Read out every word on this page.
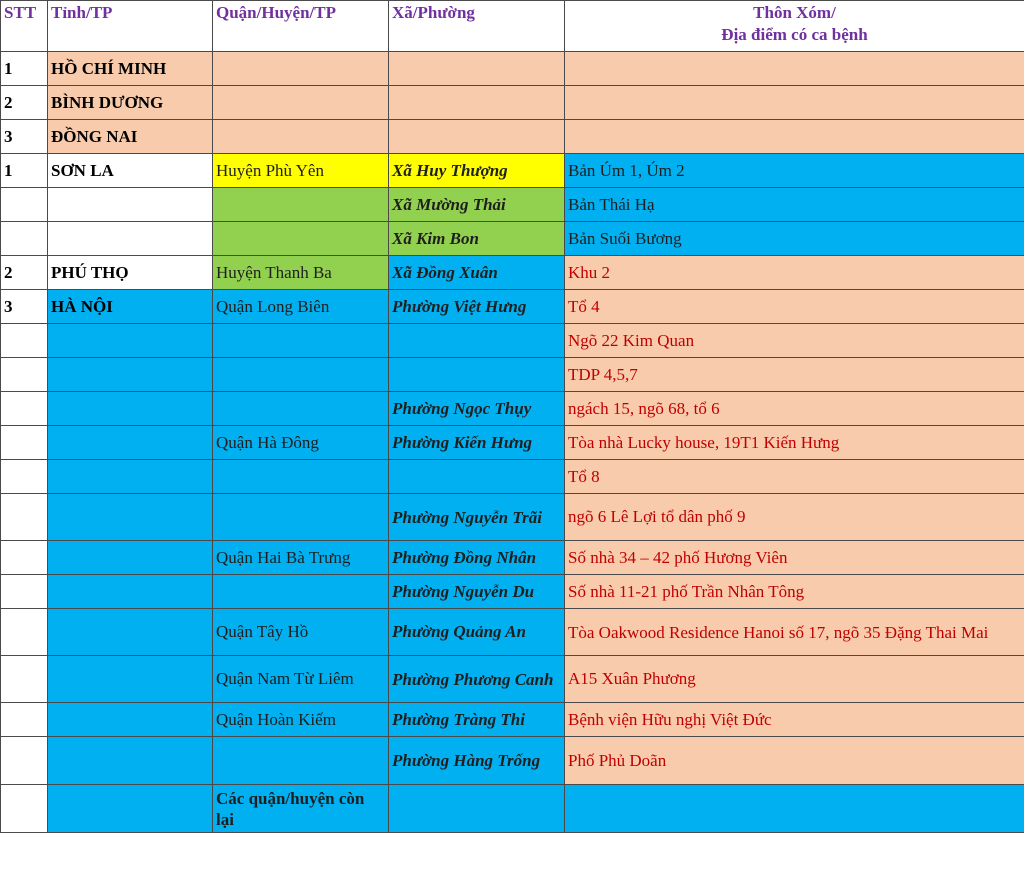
STT	Tỉnh/TP	Quận/Huyện/TP	Xã/Phường	Thôn Xóm/
Địa điểm có ca bệnh

1	HỒ CHÍ MINH			
2	BÌNH DƯƠNG			
3	ĐỒNG NAI			
1	SƠN LA	Huyện Phù Yên	Xã Huy Thượng	Bản Úm 1, Úm 2
			Xã Mường Thải	Bản Thái Hạ
			Xã Kim Bon	Bản Suối Bương
2	PHÚ THỌ	Huyện Thanh Ba	Xã Đồng Xuân	Khu 2
3	HÀ NỘI	Quận Long Biên	Phường Việt Hưng	Tổ 4
				Ngõ 22 Kim Quan
				TDP 4,5,7
			Phường Ngọc Thụy	ngách 15, ngõ 68, tổ 6
		Quận Hà Đông	Phường Kiến Hưng	Tòa nhà Lucky house, 19T1 Kiến Hưng
				Tổ 8
			Phường Nguyễn Trãi	ngõ 6 Lê Lợi tổ dân phố 9
		Quận Hai Bà Trưng	Phường Đồng Nhân	Số nhà 34 – 42 phố Hương Viên
			Phường Nguyễn Du	Số nhà 11-21 phố Trần Nhân Tông
		Quận Tây Hồ	Phường Quảng An	Tòa Oakwood Residence Hanoi số 17, ngõ 35 Đặng Thai Mai
		Quận Nam Từ Liêm	Phường Phương Canh	A15 Xuân Phương
		Quận Hoàn Kiếm	Phường Tràng Thi	Bệnh viện Hữu nghị Việt Đức
			Phường Hàng Trống	Phố Phủ Doãn
		Các quận/huyện còn lại		
